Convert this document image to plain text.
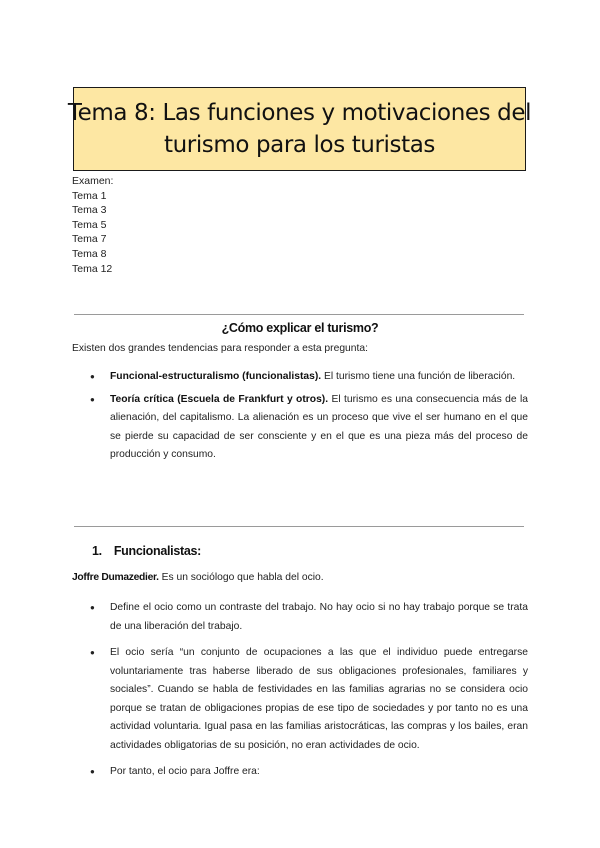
Tema 8: Las funciones y motivaciones del
turismo para los turistas
Examen:
Tema 1
Tema 3
Tema 5
Tema 7
Tema 8
Tema 12
¿Cómo explicar el turismo?
Existen dos grandes tendencias para responder a esta pregunta:
● Funcional-estructuralismo (funcionalistas). El turismo tiene una función de liberación.
● Teoría crítica (Escuela de Frankfurt y otros). El turismo es una consecuencia más de la alienación, del capitalismo. La alienación es un proceso que vive el ser humano en el que se pierde su capacidad de ser consciente y en el que es una pieza más del proceso de producción y consumo.
1. Funcionalistas:
Joffre Dumazedier. Es un sociólogo que habla del ocio.
● Define el ocio como un contraste del trabajo. No hay ocio si no hay trabajo porque se trata de una liberación del trabajo.
● El ocio sería “un conjunto de ocupaciones a las que el individuo puede entregarse voluntariamente tras haberse liberado de sus obligaciones profesionales, familiares y sociales”. Cuando se habla de festividades en las familias agrarias no se considera ocio porque se tratan de obligaciones propias de ese tipo de sociedades y por tanto no es una actividad voluntaria. Igual pasa en las familias aristocráticas, las compras y los bailes, eran actividades obligatorias de su posición, no eran actividades de ocio.
● Por tanto, el ocio para Joffre era:
